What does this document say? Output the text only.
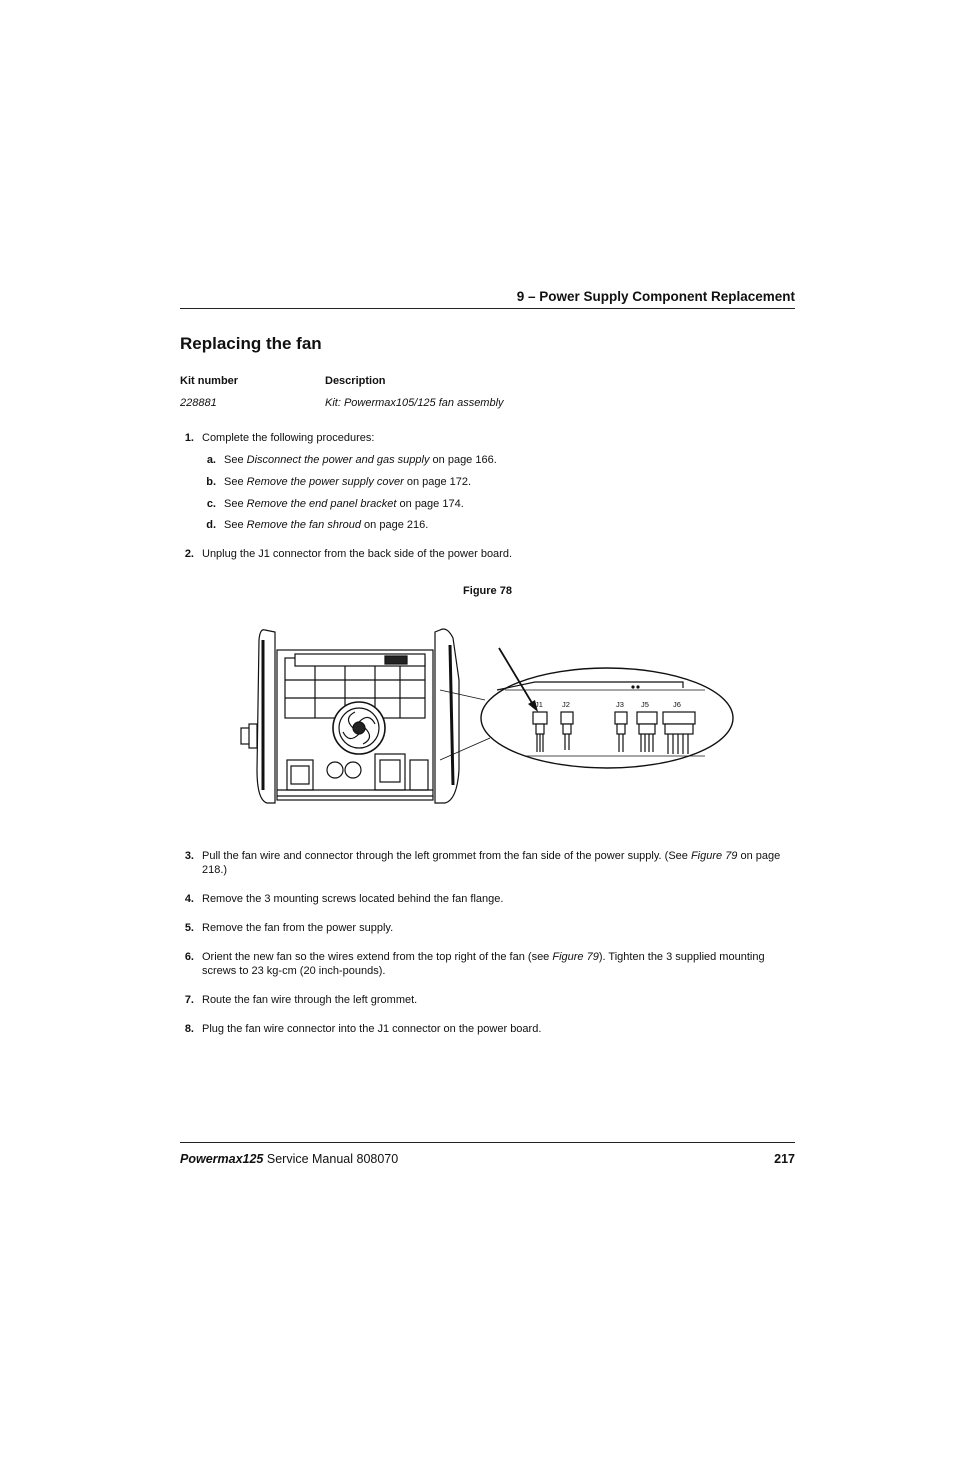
9 – Power Supply Component Replacement
Replacing the fan
Kit number	Description
228881	Kit: Powermax105/125 fan assembly
1. Complete the following procedures:
a. See Disconnect the power and gas supply on page 166.
b. See Remove the power supply cover on page 172.
c. See Remove the end panel bracket on page 174.
d. See Remove the fan shroud on page 216.
2. Unplug the J1 connector from the back side of the power board.
Figure 78
J1	J2	J3 J5	J6
3. Pull the fan wire and connector through the left grommet from the fan side of the power supply. (See Figure 79 on page 218.)
4. Remove the 3 mounting screws located behind the fan flange.
5. Remove the fan from the power supply.
6. Orient the new fan so the wires extend from the top right of the fan (see Figure 79). Tighten the 3 supplied mounting screws to 23 kg-cm (20 inch-pounds).
7. Route the fan wire through the left grommet.
8. Plug the fan wire connector into the J1 connector on the power board.
Powermax125 Service Manual 808070	217
